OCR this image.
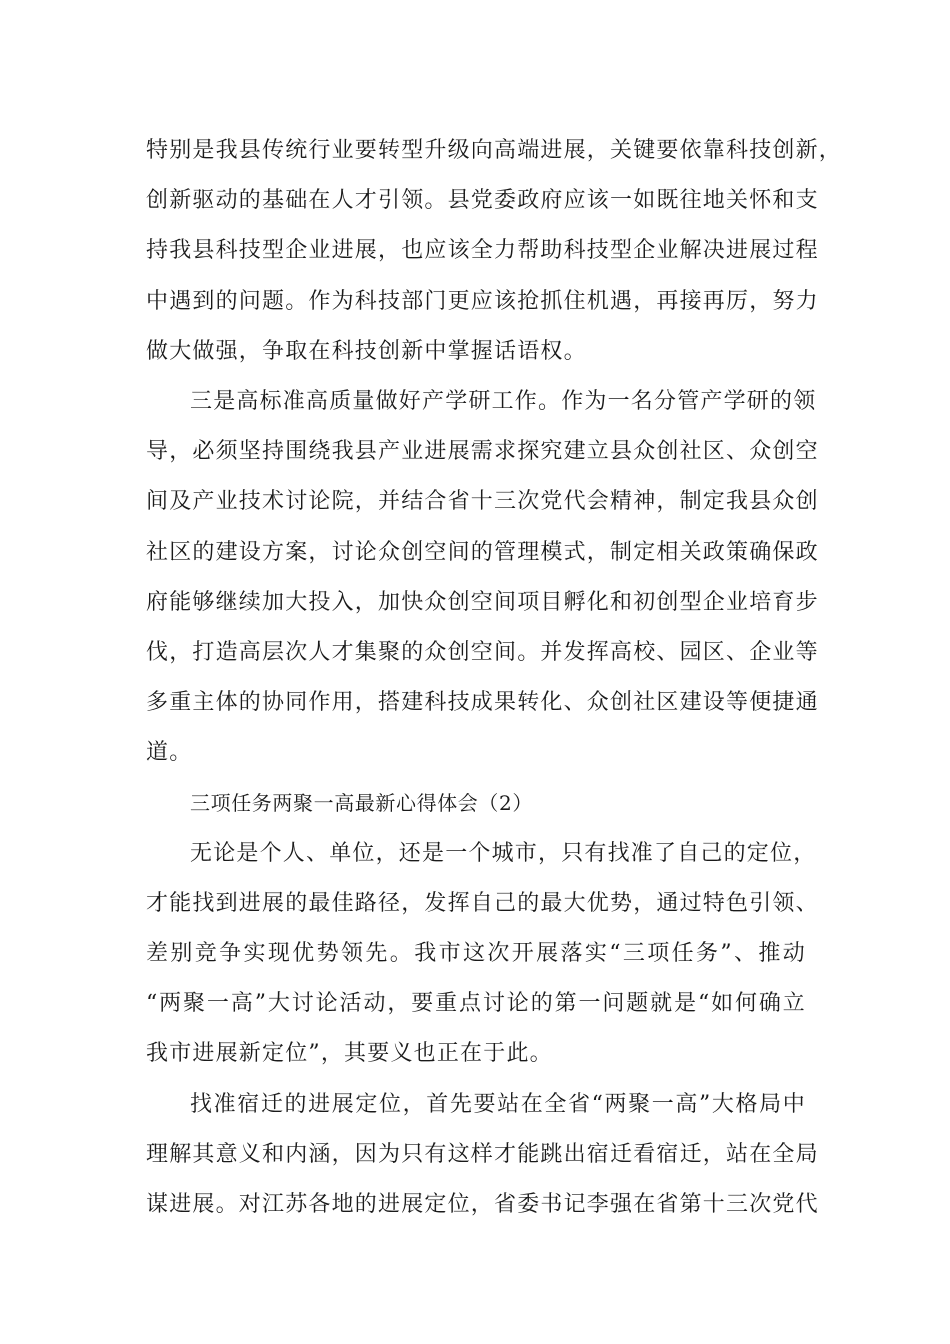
特别是我县传统行业要转型升级向高端进展，关键要依靠科技创新，
创新驱动的基础在人才引领。县党委政府应该一如既往地关怀和支
持我县科技型企业进展，也应该全力帮助科技型企业解决进展过程
中遇到的问题。作为科技部门更应该抢抓住机遇，再接再厉，努力
做大做强，争取在科技创新中掌握话语权。
三是高标准高质量做好产学研工作。作为一名分管产学研的领
导，必须坚持围绕我县产业进展需求探究建立县众创社区、众创空
间及产业技术讨论院，并结合省十三次党代会精神，制定我县众创
社区的建设方案，讨论众创空间的管理模式，制定相关政策确保政
府能够继续加大投入，加快众创空间项目孵化和初创型企业培育步
伐，打造高层次人才集聚的众创空间。并发挥高校、园区、企业等
多重主体的协同作用，搭建科技成果转化、众创社区建设等便捷通
道。
三项任务两聚一高最新心得体会（2）
无论是个人、单位，还是一个城市，只有找准了自己的定位，
才能找到进展的最佳路径，发挥自己的最大优势，通过特色引领、
差别竞争实现优势领先。我市这次开展落实“三项任务”、推动
“两聚一高”大讨论活动，要重点讨论的第一问题就是“如何确立
我市进展新定位”，其要义也正在于此。
找准宿迁的进展定位，首先要站在全省“两聚一高”大格局中
理解其意义和内涵，因为只有这样才能跳出宿迁看宿迁，站在全局
谋进展。对江苏各地的进展定位，省委书记李强在省第十三次党代
